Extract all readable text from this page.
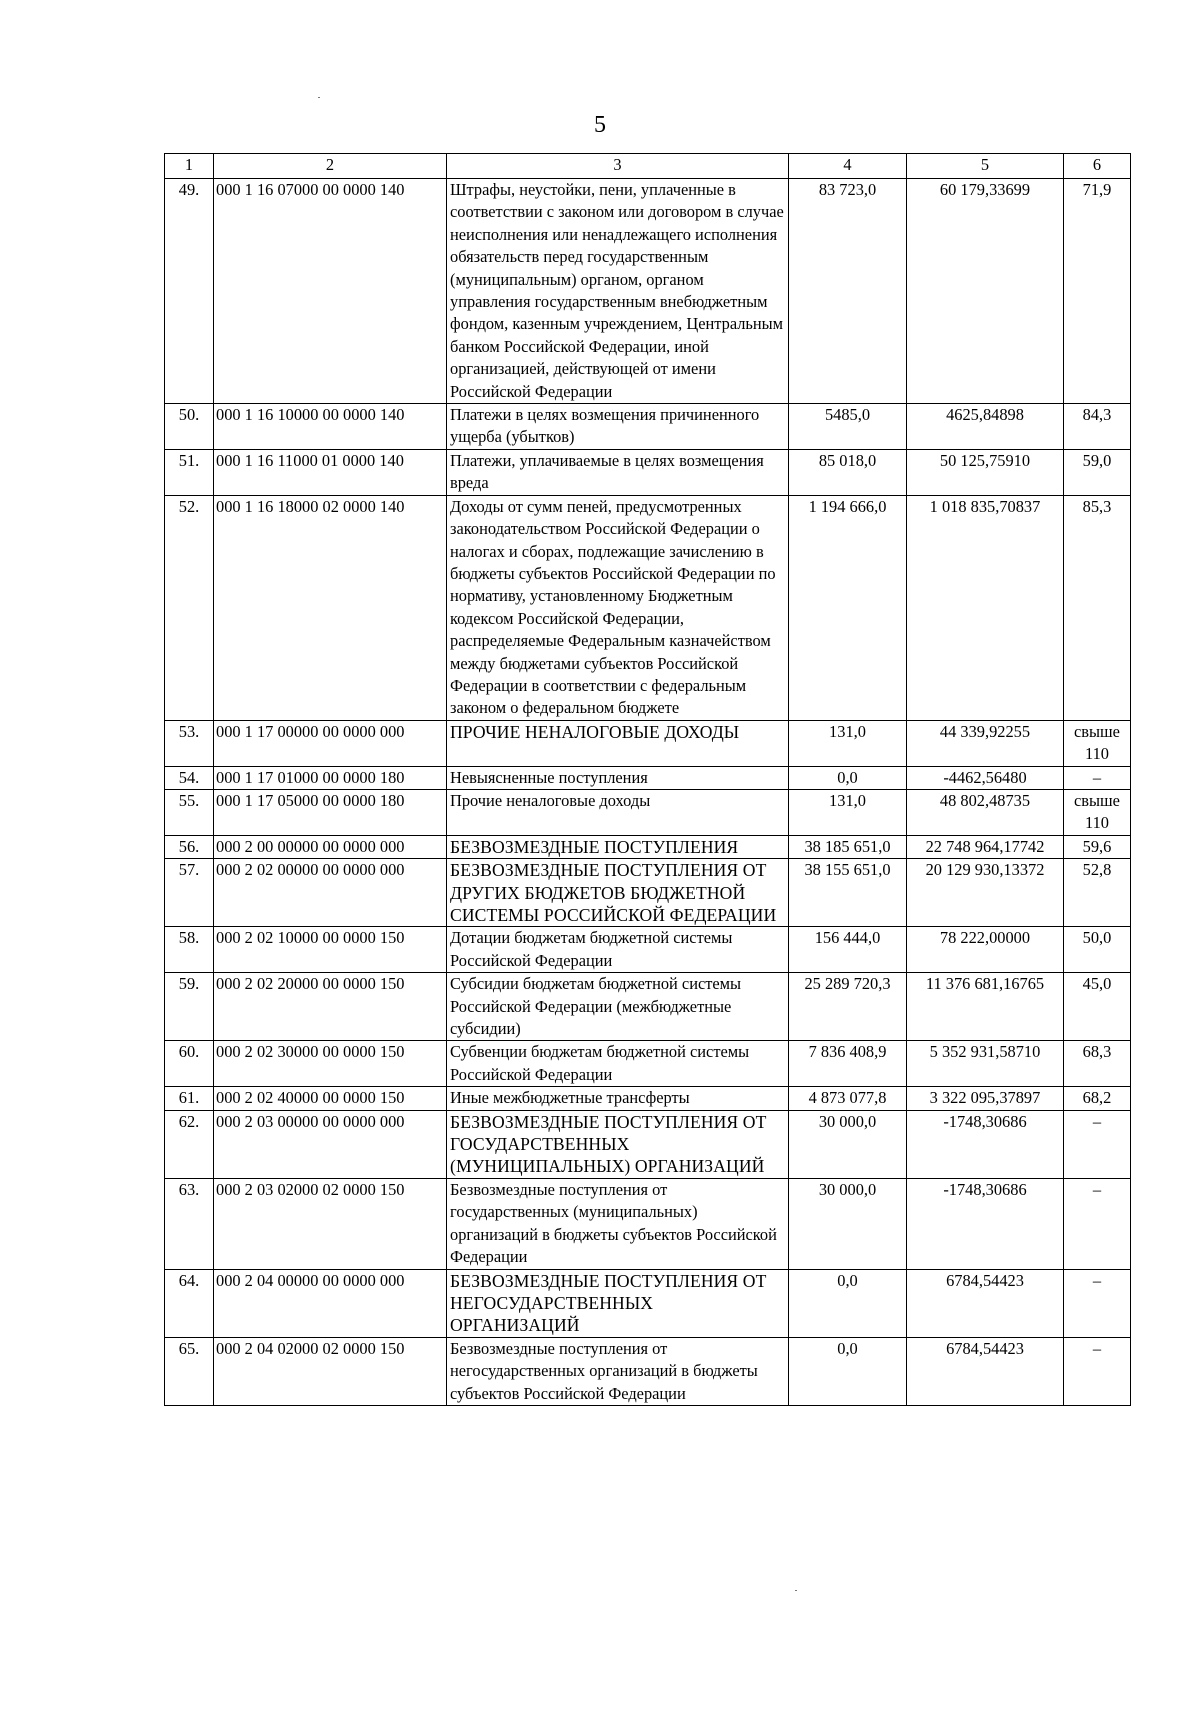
5
1	2	3	4	5	6
49.	000 1 16 07000 00 0000 140	Штрафы, неустойки, пени, уплаченные в соответствии с законом или договором в случае неисполнения или ненадлежащего исполнения обязательств перед государственным (муниципальным) органом, органом управления государственным внебюджетным фондом, казенным учреждением, Центральным банком Российской Федерации, иной организацией, действующей от имени Российской Федерации	83 723,0	60 179,33699	71,9
50.	000 1 16 10000 00 0000 140	Платежи в целях возмещения причиненного ущерба (убытков)	5485,0	4625,84898	84,3
51.	000 1 16 11000 01 0000 140	Платежи, уплачиваемые в целях возмещения вреда	85 018,0	50 125,75910	59,0
52.	000 1 16 18000 02 0000 140	Доходы от сумм пеней, предусмотренных законодательством Российской Федерации о налогах и сборах, подлежащие зачислению в бюджеты субъектов Российской Федерации по нормативу, установленному Бюджетным кодексом Российской Федерации, распределяемые Федеральным казначейством между бюджетами субъектов Российской Федерации в соответствии с федеральным законом о федеральном бюджете	1 194 666,0	1 018 835,70837	85,3
53.	000 1 17 00000 00 0000 000	ПРОЧИЕ НЕНАЛОГОВЫЕ ДОХОДЫ	131,0	44 339,92255	свыше 110
54.	000 1 17 01000 00 0000 180	Невыясненные поступления	0,0	-4462,56480	–
55.	000 1 17 05000 00 0000 180	Прочие неналоговые доходы	131,0	48 802,48735	свыше 110
56.	000 2 00 00000 00 0000 000	БЕЗВОЗМЕЗДНЫЕ ПОСТУПЛЕНИЯ	38 185 651,0	22 748 964,17742	59,6
57.	000 2 02 00000 00 0000 000	БЕЗВОЗМЕЗДНЫЕ ПОСТУПЛЕНИЯ ОТ ДРУГИХ БЮДЖЕТОВ БЮДЖЕТНОЙ СИСТЕМЫ РОССИЙСКОЙ ФЕДЕРАЦИИ	38 155 651,0	20 129 930,13372	52,8
58.	000 2 02 10000 00 0000 150	Дотации бюджетам бюджетной системы Российской Федерации	156 444,0	78 222,00000	50,0
59.	000 2 02 20000 00 0000 150	Субсидии бюджетам бюджетной системы Российской Федерации (межбюджетные субсидии)	25 289 720,3	11 376 681,16765	45,0
60.	000 2 02 30000 00 0000 150	Субвенции бюджетам бюджетной системы Российской Федерации	7 836 408,9	5 352 931,58710	68,3
61.	000 2 02 40000 00 0000 150	Иные межбюджетные трансферты	4 873 077,8	3 322 095,37897	68,2
62.	000 2 03 00000 00 0000 000	БЕЗВОЗМЕЗДНЫЕ ПОСТУПЛЕНИЯ ОТ ГОСУДАРСТВЕННЫХ (МУНИЦИПАЛЬНЫХ) ОРГАНИЗАЦИЙ	30 000,0	-1748,30686	–
63.	000 2 03 02000 02 0000 150	Безвозмездные поступления от государственных (муниципальных) организаций в бюджеты субъектов Российской Федерации	30 000,0	-1748,30686	–
64.	000 2 04 00000 00 0000 000	БЕЗВОЗМЕЗДНЫЕ ПОСТУПЛЕНИЯ ОТ НЕГОСУДАРСТВЕННЫХ ОРГАНИЗАЦИЙ	0,0	6784,54423	–
65.	000 2 04 02000 02 0000 150	Безвозмездные поступления от негосударственных организаций в бюджеты субъектов Российской Федерации	0,0	6784,54423	–
